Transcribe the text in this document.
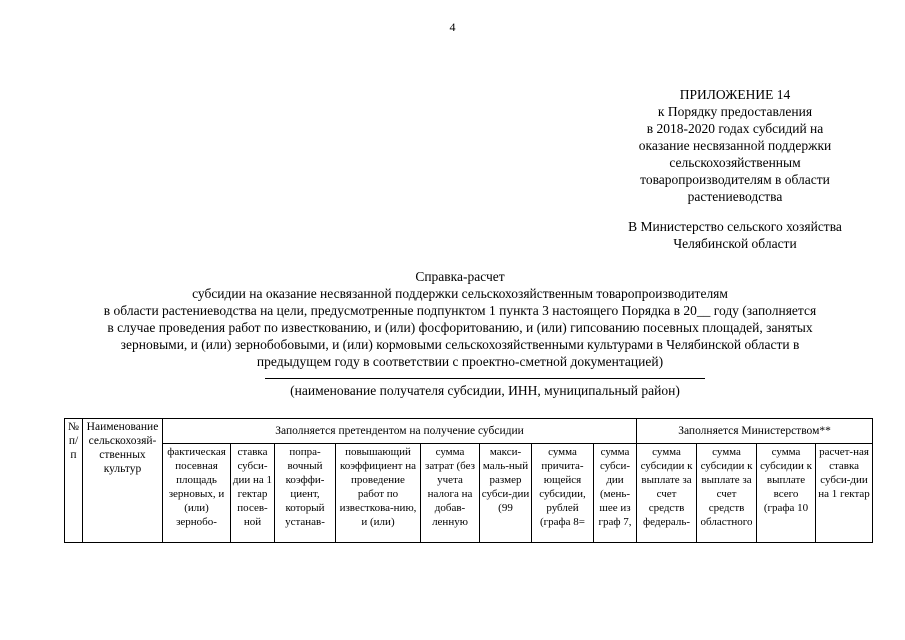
4
ПРИЛОЖЕНИЕ 14
к Порядку предоставления
в 2018-2020 годах субсидий на
оказание несвязанной поддержки
сельскохозяйственным
товаропроизводителям в области
растениеводства
В Министерство сельского хозяйства
Челябинской области
Справка-расчет
субсидии на оказание несвязанной поддержки сельскохозяйственным товаропроизводителям
в области растениеводства на цели, предусмотренные подпунктом 1 пункта 3 настоящего Порядка в 20__ году (заполняется
в случае проведения работ по известкованию, и (или) фосфоритованию, и (или) гипсованию посевных площадей, занятых
зерновыми, и (или) зернобобовыми, и (или) кормовыми сельскохозяйственными культурами в Челябинской области в
предыдущем году в соответствии с проектно-сметной документацией)
(наименование получателя субсидии, ИНН, муниципальный район)
№ п/п	Наименование сельскохозяй-ственных культур	Заполняется претендентом на получение субсидии								Заполняется Министерством**			
		фактическая посевная площадь зерновых, и (или) зернобо-	ставка субси-дии на 1 гектар посев-ной	попра-вочный коэффи-циент, который устанав-	повышающий коэффициент на проведение работ по известкова-нию, и (или)	сумма затрат (без учета налога на добав-ленную	макси-маль-ный размер субси-дии (99	сумма причита-ющейся субсидии, рублей (графа 8=	сумма субси-дии (мень-шее из граф 7,	сумма субсидии к выплате за счет средств федераль-	сумма субсидии к выплате за счет средств областного	сумма субсидии к выплате всего (графа 10	расчет-ная ставка субси-дии на 1 гектар
